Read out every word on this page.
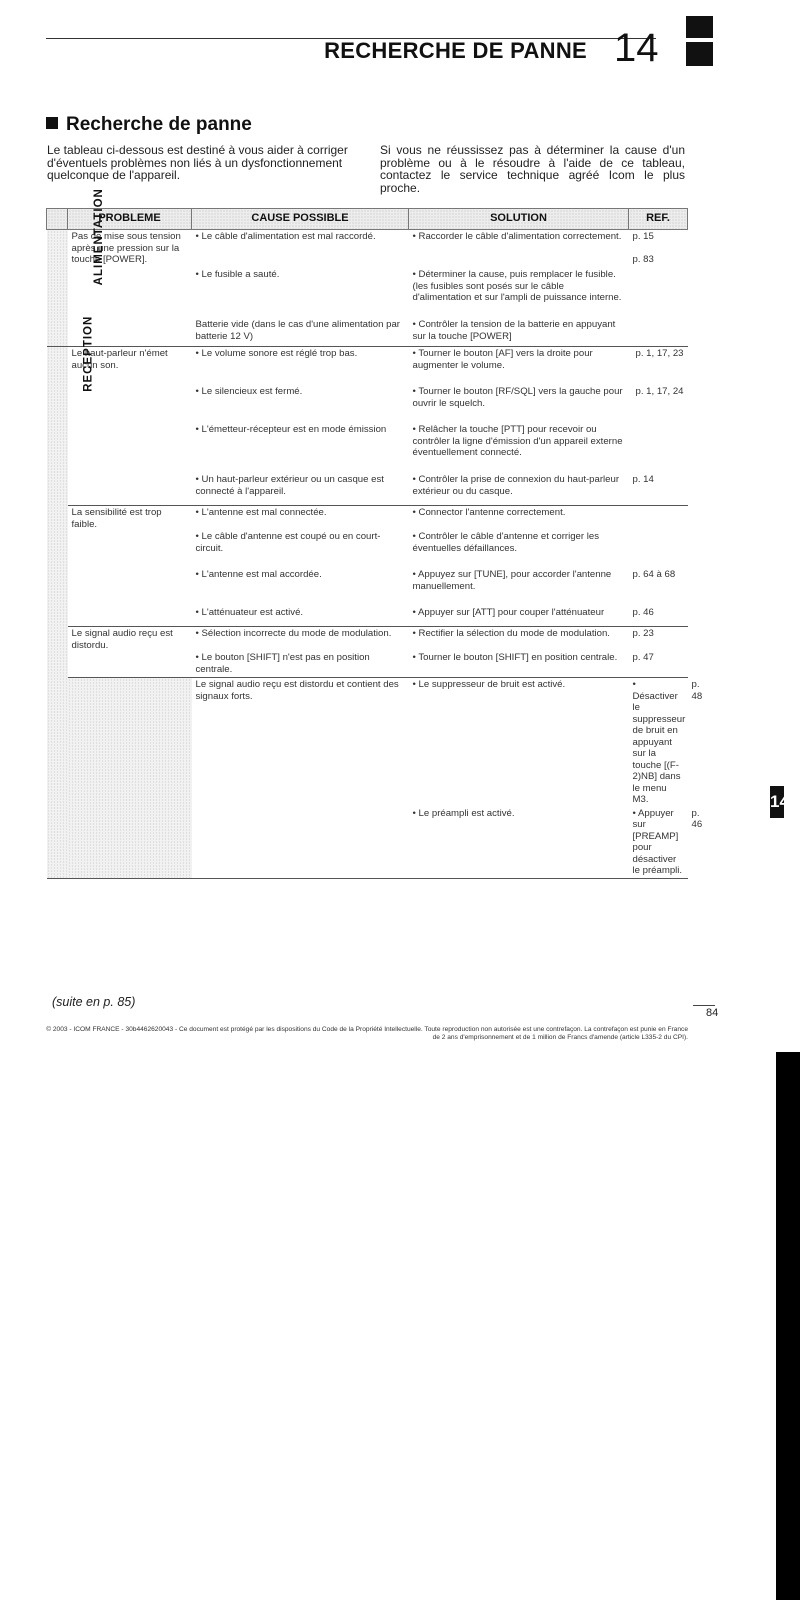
RECHERCHE DE PANNE 14
Recherche de panne
Le tableau ci-dessous est destiné à vous aider à corriger d'éventuels problèmes non liés à un dysfonctionnement quelconque de l'appareil.
Si vous ne réussissez pas à déterminer la cause d'un problème ou à le résoudre à l'aide de ce tableau, contactez le service technique agréé Icom le plus proche.
	PROBLEME	CAUSE POSSIBLE	SOLUTION	REF.	
ALIMENTATION	Pas de mise sous tension après une pression sur la touche [POWER].	• Le câble d'alimentation est mal raccordé.	• Raccorder le câble d'alimentation correctement.	p. 15	
		• Le fusible a sauté.	• Déterminer la cause, puis remplacer le fusible. (les fusibles sont posés sur le câble d'alimentation et sur l'ampli de puissance interne.	p. 83	

		Batterie vide (dans le cas d'une alimentation par batterie 12 V)	• Contrôler la tension de la batterie en appuyant sur la touche [POWER]		
RECEPTION	Le haut-parleur n'émet aucun son.	• Le volume sonore est réglé trop bas.	• Tourner le bouton [AF] vers la droite pour augmenter le volume.	p. 1, 17, 23	
		• Le silencieux est fermé.	• Tourner le bouton [RF/SQL] vers la gauche pour ouvrir le squelch.	p. 1, 17, 24	
		• L'émetteur-récepteur est en mode émission	• Relâcher la touche [PTT] pour recevoir ou contrôler la ligne d'émission d'un appareil externe éventuellement connecté.		
		• Un haut-parleur extérieur ou un casque est connecté à l'appareil.	• Contrôler la prise de connexion du haut-parleur extérieur ou du casque.	p. 14	
	La sensibilité est trop faible.	• L'antenne est mal connectée.	• Connector l'antenne correctement.		
		• Le câble d'antenne est coupé ou en court-circuit.	• Contrôler le câble d'antenne et corriger les éventuelles défaillances.		
		• L'antenne est mal accordée.	• Appuyez sur [TUNE], pour accorder l'antenne manuellement.	p. 64 à 68	
		• L'atténuateur est activé.	• Appuyer sur [ATT] pour couper l'atténuateur	p. 46	
	Le signal audio reçu est distordu.	• Sélection incorrecte du mode de modulation.	• Rectifier la sélection du mode de modulation.	p. 23	
		• Le bouton [SHIFT] n'est pas en position centrale.	• Tourner le bouton [SHIFT] en position centrale.	p. 47	
		Le signal audio reçu est distordu et contient des signaux forts.	• Le suppresseur de bruit est activé.	• Désactiver le suppresseur de bruit en appuyant sur la touche [(F-2)NB] dans le menu M3.	p. 48
			• Le préampli est activé.	• Appuyer sur [PREAMP] pour désactiver le préampli.	p. 46
14
(suite en p. 85)
84
© 2003 - ICOM FRANCE - 30b4462620043 - Ce document est protégé par les dispositions du Code de la Propriété Intellectuelle. Toute reproduction non autorisée est une contrefaçon. La contrefaçon est punie en France de 2 ans d'emprisonnement et de 1 million de Francs d'amende (article L335-2 du CPI).
